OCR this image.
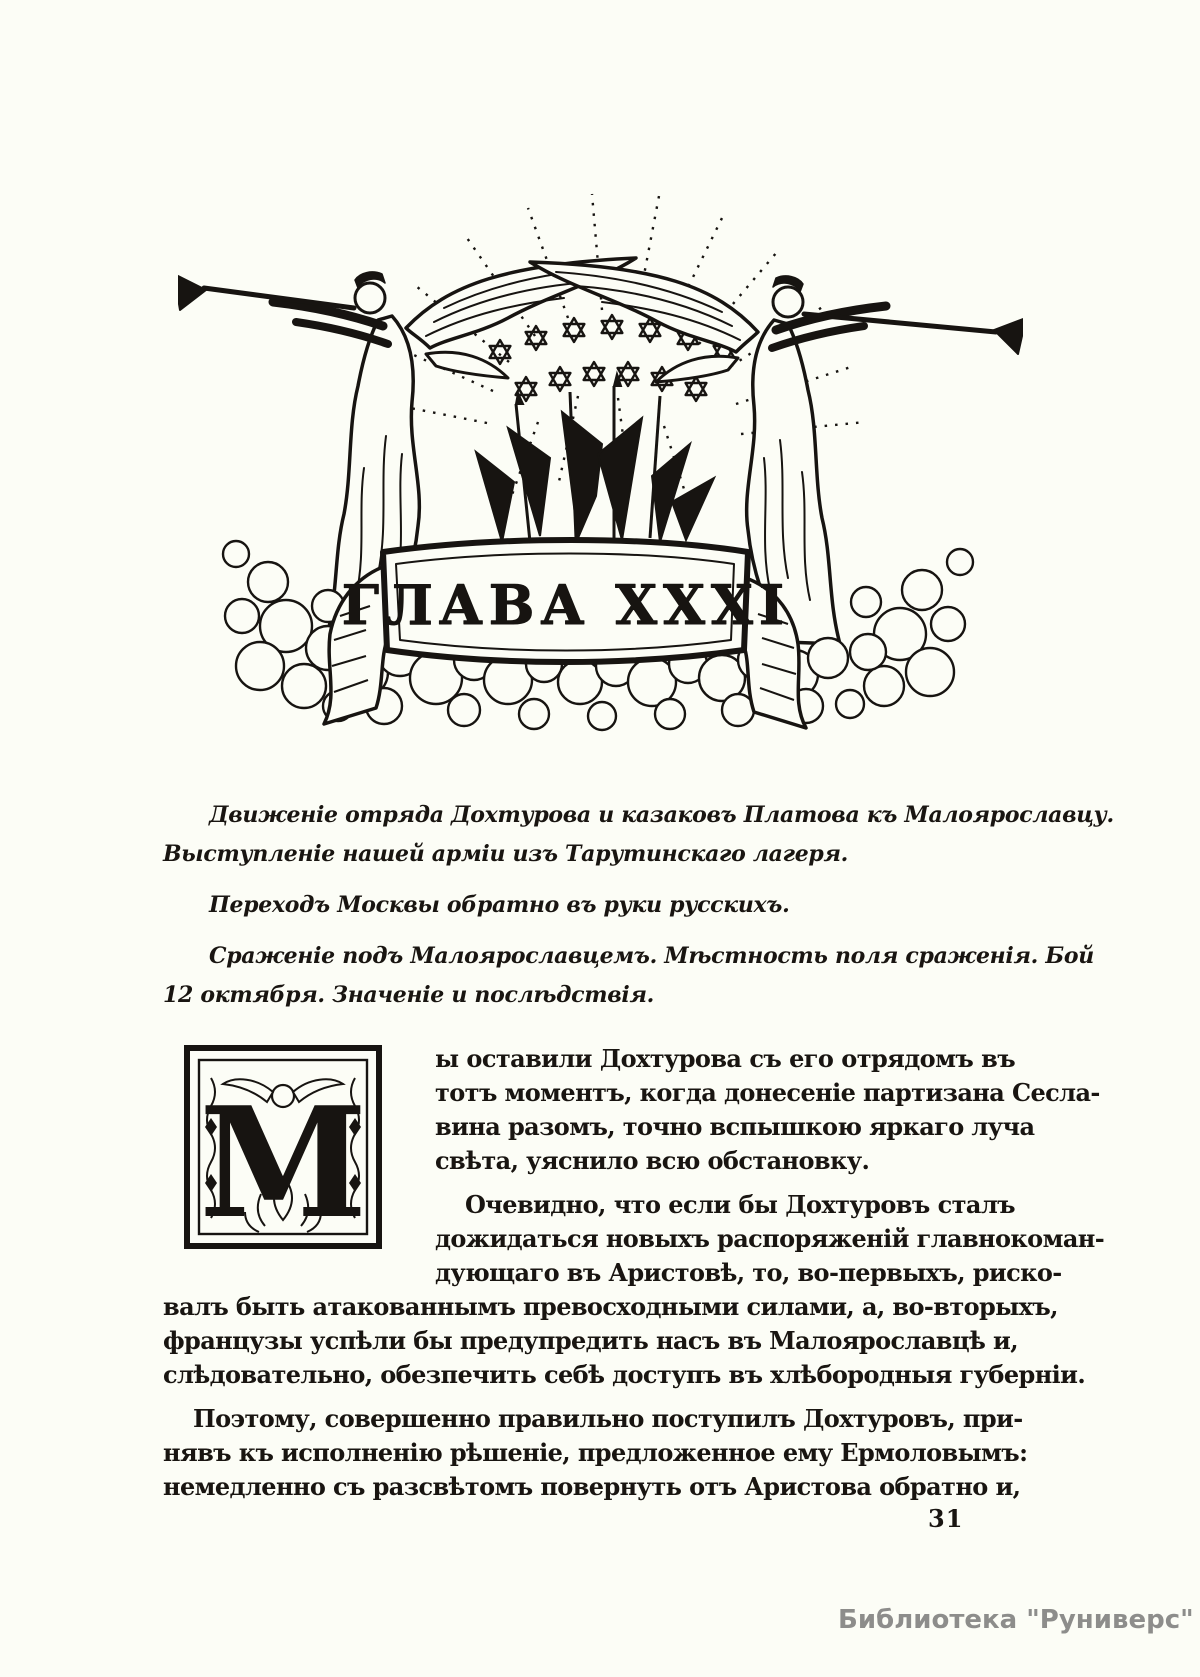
ГЛАВА XXXI
Движеніе отряда Дохтурова и казаковъ Платова къ Малоярославцу.
Выступленіе нашей арміи изъ Тарутинскаго лагеря.
Переходъ Москвы обратно въ руки русскихъ.
Сраженіе подъ Малоярославцемъ. Мѣстность поля сраженія. Бой
12 октября. Значеніе и послѣдствія.
М
ы оставили Дохтурова съ его отрядомъ въ
тотъ моментъ, когда донесеніе партизана Сесла-
вина разомъ, точно вспышкою яркаго луча
свѣта, уяснило всю обстановку.
Очевидно, что если бы Дохтуровъ сталъ
дожидаться новыхъ распоряженій главнокоман-
дующаго въ Аристовѣ, то, во-первыхъ, риско-
валъ быть атакованнымъ превосходными силами, а, во-вторыхъ,
французы успѣли бы предупредить насъ въ Малоярославцѣ и,
слѣдовательно, обезпечить себѣ доступъ въ хлѣбородныя губерніи.
Поэтому, совершенно правильно поступилъ Дохтуровъ, при-
нявъ къ исполненію рѣшеніе, предложенное ему Ермоловымъ:
немедленно съ разсвѣтомъ повернуть отъ Аристова обратно и,
31
Библиотека "Руниверс"
